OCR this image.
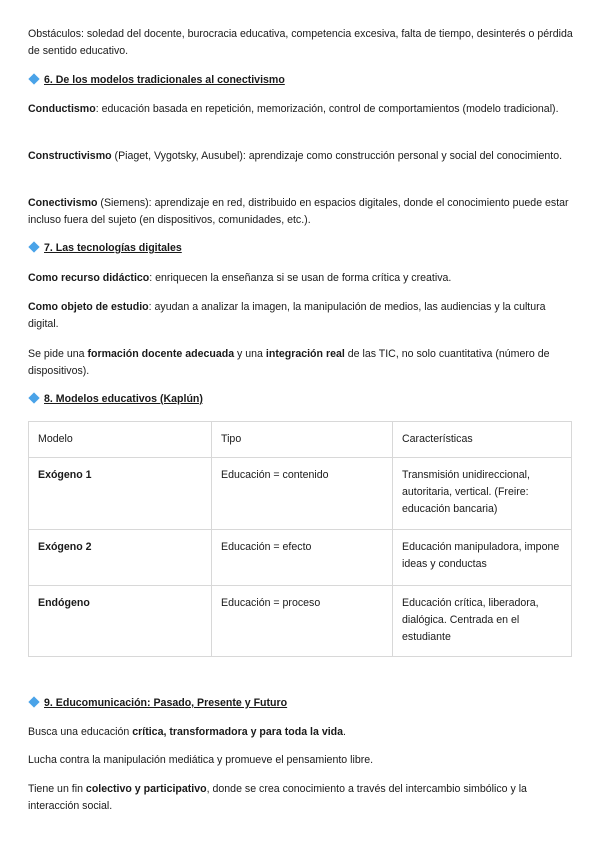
Obstáculos: soledad del docente, burocracia educativa, competencia excesiva, falta de tiempo, desinterés o pérdida de sentido educativo.
6. De los modelos tradicionales al conectivismo
Conductismo: educación basada en repetición, memorización, control de comportamientos (modelo tradicional).
Constructivismo (Piaget, Vygotsky, Ausubel): aprendizaje como construcción personal y social del conocimiento.
Conectivismo (Siemens): aprendizaje en red, distribuido en espacios digitales, donde el conocimiento puede estar incluso fuera del sujeto (en dispositivos, comunidades, etc.).
7. Las tecnologías digitales
Como recurso didáctico: enriquecen la enseñanza si se usan de forma crítica y creativa.
Como objeto de estudio: ayudan a analizar la imagen, la manipulación de medios, las audiencias y la cultura digital.
Se pide una formación docente adecuada y una integración real de las TIC, no solo cuantitativa (número de dispositivos).
8. Modelos educativos (Kaplún)
Modelo	Tipo	Características
Exógeno 1	Educación = contenido	Transmisión unidireccional, autoritaria, vertical. (Freire: educación bancaria)
Exógeno 2	Educación = efecto	Educación manipuladora, impone ideas y conductas
Endógeno	Educación = proceso	Educación crítica, liberadora, dialógica. Centrada en el estudiante
9. Educomunicación: Pasado, Presente y Futuro
Busca una educación crítica, transformadora y para toda la vida.
Lucha contra la manipulación mediática y promueve el pensamiento libre.
Tiene un fin colectivo y participativo, donde se crea conocimiento a través del intercambio simbólico y la interacción social.
